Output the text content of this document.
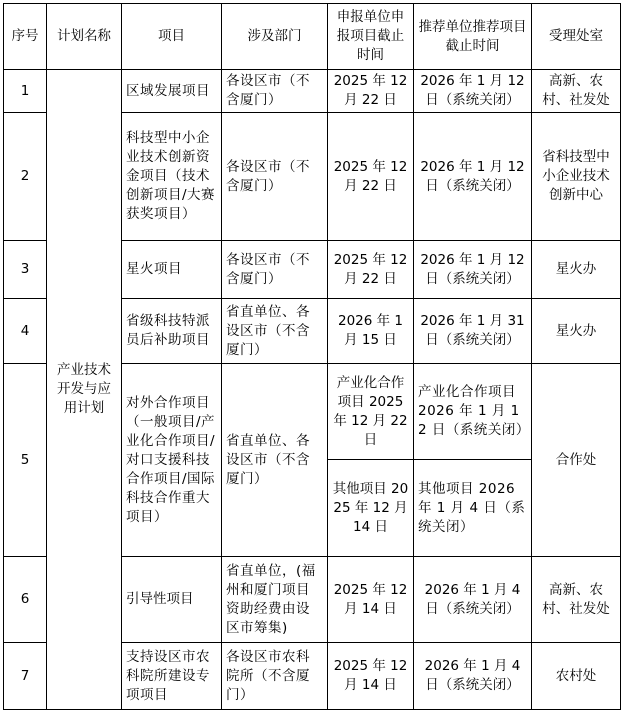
序号	计划名称	项目	涉及部门	申报单位申报项目截止时间	推荐单位推荐项目截止时间	受理处室
1	产业技术开发与应用计划	区域发展项目	各设区市（不含厦门）	2025 年 12 月 22 日	2026 年 1 月 12 日（系统关闭）	高新、农村、社发处
2		科技型中小企业技术创新资金项目（技术创新项目/大赛获奖项目）	各设区市（不含厦门）	2025 年 12 月 22 日	2026 年 1 月 12 日（系统关闭）	省科技型中小企业技术创新中心
3		星火项目	各设区市（不含厦门）	2025 年 12 月 22 日	2026 年 1 月 12 日（系统关闭）	星火办
4		省级科技特派员后补助项目	省直单位、各设区市（不含厦门）	2026 年 1 月 15 日	2026 年 1 月 31 日（系统关闭）	星火办
5		对外合作项目（一般项目/产业化合作项目/对口支援科技合作项目/国际科技合作重大项目）	省直单位、各设区市（不含厦门）	产业化合作项目 2025 年 12 月 22 日	产业化合作项目 2026 年 1 月 12 日（系统关闭）	合作处
				其他项目 2025 年 12 月 14 日	其他项目 2026 年 1 月 4 日（系统关闭）	
6		引导性项目	省直单位，(福州和厦门项目资助经费由设区市筹集)	2025 年 12 月 14 日	2026 年 1 月 4 日（系统关闭）	高新、农村、社发处
7		支持设区市农科院所建设专项项目	各设区市农科院所（不含厦门）	2025 年 12 月 14 日	2026 年 1 月 4 日（系统关闭）	农村处
